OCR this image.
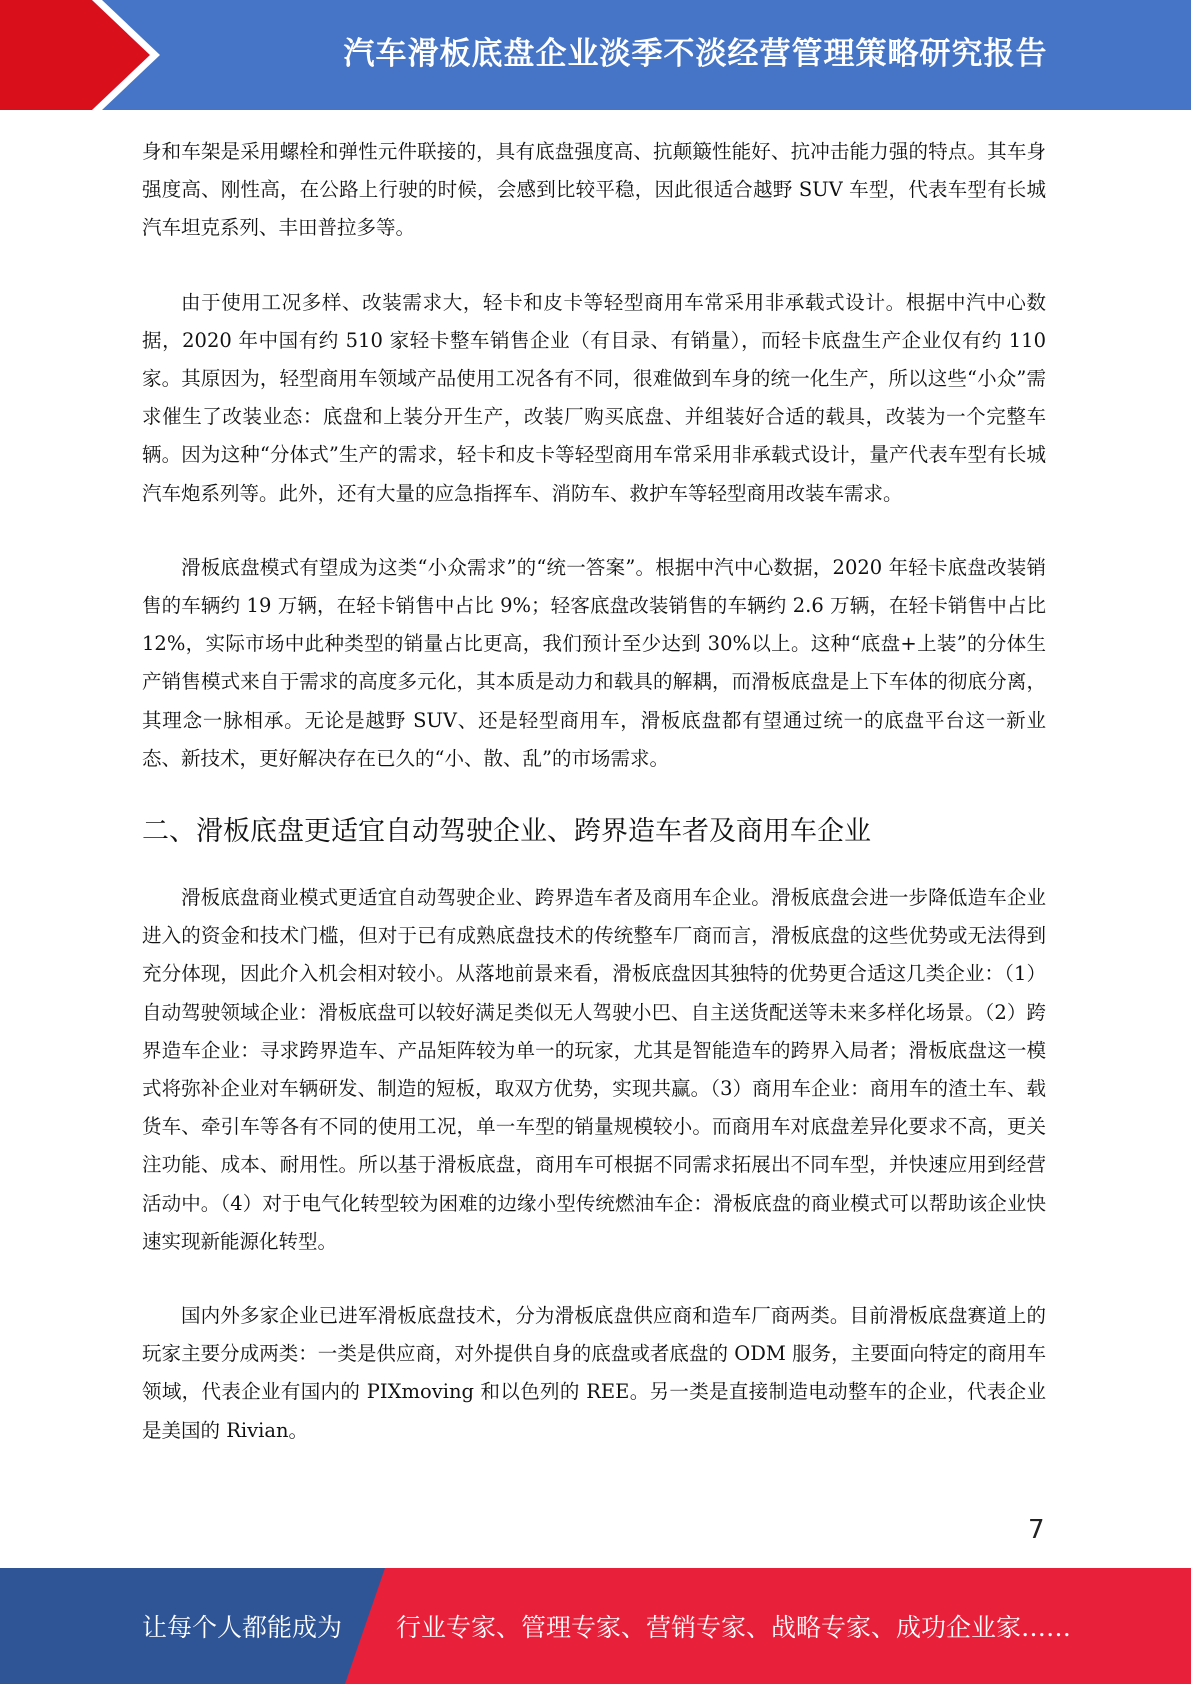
汽车滑板底盘企业淡季不淡经营管理策略研究报告

身和车架是采用螺栓和弹性元件联接的，具有底盘强度高、抗颠簸性能好、抗冲击能力强的特点。其车身强度高、刚性高，在公路上行驶的时候，会感到比较平稳，因此很适合越野 SUV 车型，代表车型有长城汽车坦克系列、丰田普拉多等。

由于使用工况多样、改装需求大，轻卡和皮卡等轻型商用车常采用非承载式设计。根据中汽中心数据，2020 年中国有约 510 家轻卡整车销售企业（有目录、有销量），而轻卡底盘生产企业仅有约 110 家。其原因为，轻型商用车领域产品使用工况各有不同，很难做到车身的统一化生产，所以这些“小众”需求催生了改装业态：底盘和上装分开生产，改装厂购买底盘、并组装好合适的载具，改装为一个完整车辆。因为这种“分体式”生产的需求，轻卡和皮卡等轻型商用车常采用非承载式设计，量产代表车型有长城汽车炮系列等。此外，还有大量的应急指挥车、消防车、救护车等轻型商用改装车需求。

滑板底盘模式有望成为这类“小众需求”的“统一答案”。根据中汽中心数据，2020 年轻卡底盘改装销售的车辆约 19 万辆，在轻卡销售中占比 9%；轻客底盘改装销售的车辆约 2.6 万辆，在轻卡销售中占比 12%，实际市场中此种类型的销量占比更高，我们预计至少达到 30%以上。这种“底盘+上装”的分体生产销售模式来自于需求的高度多元化，其本质是动力和载具的解耦，而滑板底盘是上下车体的彻底分离，其理念一脉相承。无论是越野 SUV、还是轻型商用车，滑板底盘都有望通过统一的底盘平台这一新业态、新技术，更好解决存在已久的“小、散、乱”的市场需求。

二、滑板底盘更适宜自动驾驶企业、跨界造车者及商用车企业

滑板底盘商业模式更适宜自动驾驶企业、跨界造车者及商用车企业。滑板底盘会进一步降低造车企业进入的资金和技术门槛，但对于已有成熟底盘技术的传统整车厂商而言，滑板底盘的这些优势或无法得到充分体现，因此介入机会相对较小。从落地前景来看，滑板底盘因其独特的优势更合适这几类企业：（1）自动驾驶领域企业：滑板底盘可以较好满足类似无人驾驶小巴、自主送货配送等未来多样化场景。（2）跨界造车企业：寻求跨界造车、产品矩阵较为单一的玩家，尤其是智能造车的跨界入局者；滑板底盘这一模式将弥补企业对车辆研发、制造的短板，取双方优势，实现共赢。（3）商用车企业：商用车的渣土车、载货车、牵引车等各有不同的使用工况，单一车型的销量规模较小。而商用车对底盘差异化要求不高，更关注功能、成本、耐用性。所以基于滑板底盘，商用车可根据不同需求拓展出不同车型，并快速应用到经营活动中。（4）对于电气化转型较为困难的边缘小型传统燃油车企：滑板底盘的商业模式可以帮助该企业快速实现新能源化转型。

国内外多家企业已进军滑板底盘技术，分为滑板底盘供应商和造车厂商两类。目前滑板底盘赛道上的玩家主要分成两类：一类是供应商，对外提供自身的底盘或者底盘的 ODM 服务，主要面向特定的商用车领域，代表企业有国内的 PIXmoving 和以色列的 REE。另一类是直接制造电动整车的企业，代表企业是美国的 Rivian。

7
让每个人都能成为 行业专家、管理专家、营销专家、战略专家、成功企业家……
